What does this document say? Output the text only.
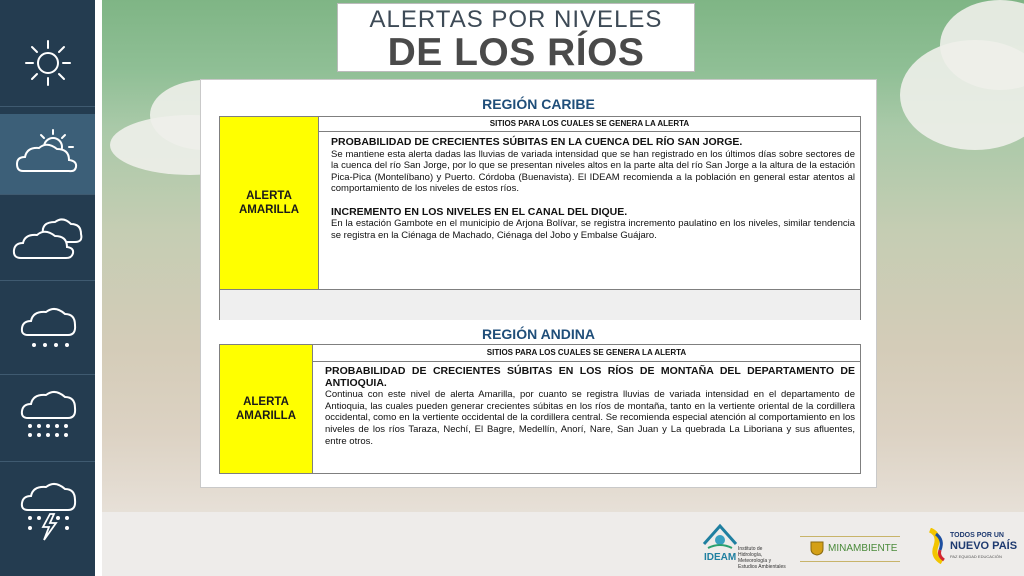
ALERTAS POR NIVELES
DE LOS RÍOS
REGIÓN CARIBE
ALERTA
AMARILLA
SITIOS PARA LOS CUALES SE GENERA LA ALERTA
PROBABILIDAD DE CRECIENTES SÚBITAS EN LA CUENCA DEL RÍO SAN JORGE.
Se mantiene esta alerta dadas las lluvias de variada intensidad que se han registrado en los últimos días sobre sectores de la cuenca del río San Jorge, por lo que se presentan niveles altos en la parte alta del río San Jorge a la altura de la estación Pica-Pica (Montelíbano) y Puerto. Córdoba (Buenavista). El IDEAM recomienda a la población en general estar atentos al comportamiento de los niveles de estos ríos.

INCREMENTO EN LOS NIVELES EN EL CANAL DEL DIQUE.
En la estación Gambote en el municipio de Arjona Bolívar, se registra incremento paulatino en los niveles, similar tendencia se registra en la Ciénaga de Machado, Ciénaga del Jobo y Embalse Guájaro.
REGIÓN ANDINA
ALERTA
AMARILLA
SITIOS PARA LOS CUALES SE GENERA LA ALERTA
PROBABILIDAD DE CRECIENTES SÚBITAS EN LOS RÍOS DE MONTAÑA DEL DEPARTAMENTO DE ANTIOQUIA.
Continua con este nivel de alerta Amarilla, por cuanto se registra lluvias de variada intensidad en el departamento de Antioquia, las cuales pueden generar crecientes súbitas en los ríos de montaña, tanto en la vertiente oriental de la cordillera occidental, como en la vertiente occidental de la cordillera central. Se recomienda especial atención al comportamiento en los niveles de los ríos Taraza, Nechí, El Bagre, Medellín, Anorí, Nare, San Juan y La quebrada La Liboriana y sus afluentes, entre otros.
IDEAM
Instituto de Hidrología, Meteorología y Estudios Ambientales
MINAMBIENTE
TODOS POR UN
NUEVO PAÍS
PAZ EQUIDAD EDUCACIÓN
